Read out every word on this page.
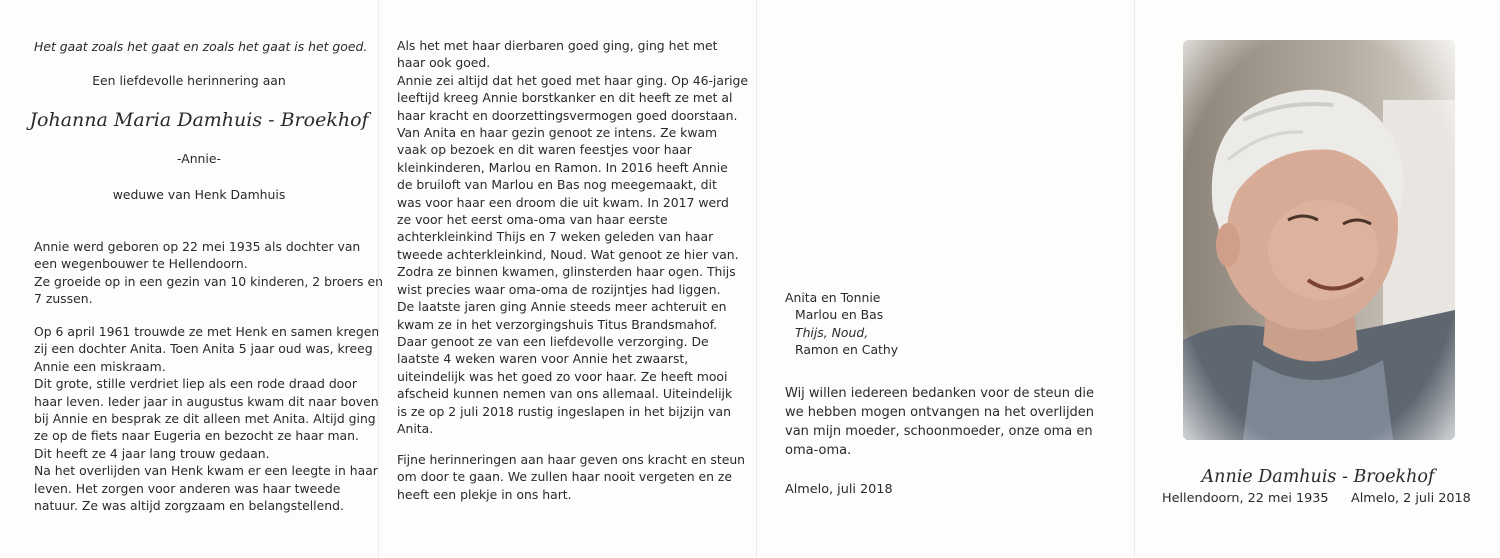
Het gaat zoals het gaat en zoals het gaat is het goed.
Een liefdevolle herinnering aan
Johanna Maria Damhuis - Broekhof
-Annie-
weduwe van Henk Damhuis
Annie werd geboren op 22 mei 1935 als dochter van
een wegenbouwer te Hellendoorn.
Ze groeide op in een gezin van 10 kinderen, 2 broers en
7 zussen.
Op 6 april 1961 trouwde ze met Henk en samen kregen
zij een dochter Anita. Toen Anita 5 jaar oud was, kreeg
Annie een miskraam.
Dit grote, stille verdriet liep als een rode draad door
haar leven. Ieder jaar in augustus kwam dit naar boven
bij Annie en besprak ze dit alleen met Anita. Altijd ging
ze op de fiets naar Eugeria en bezocht ze haar man.
Dit heeft ze 4 jaar lang trouw gedaan.
Na het overlijden van Henk kwam er een leegte in haar
leven. Het zorgen voor anderen was haar tweede
natuur. Ze was altijd zorgzaam en belangstellend.
Als het met haar dierbaren goed ging, ging het met
haar ook goed.
Annie zei altijd dat het goed met haar ging. Op 46-jarige
leeftijd kreeg Annie borstkanker en dit heeft ze met al
haar kracht en doorzettingsvermogen goed doorstaan.
Van Anita en haar gezin genoot ze intens. Ze kwam
vaak op bezoek en dit waren feestjes voor haar
kleinkinderen, Marlou en Ramon. In 2016 heeft Annie
de bruiloft van Marlou en Bas nog meegemaakt, dit
was voor haar een droom die uit kwam. In 2017 werd
ze voor het eerst oma-oma van haar eerste
achterkleinkind Thijs en 7 weken geleden van haar
tweede achterkleinkind, Noud. Wat genoot ze hier van.
Zodra ze binnen kwamen, glinsterden haar ogen. Thijs
wist precies waar oma-oma de rozijntjes had liggen.
De laatste jaren ging Annie steeds meer achteruit en
kwam ze in het verzorgingshuis Titus Brandsmahof.
Daar genoot ze van een liefdevolle verzorging. De
laatste 4 weken waren voor Annie het zwaarst,
uiteindelijk was het goed zo voor haar. Ze heeft mooi
afscheid kunnen nemen van ons allemaal. Uiteindelijk
is ze op 2 juli 2018 rustig ingeslapen in het bijzijn van
Anita.
Fijne herinneringen aan haar geven ons kracht en steun
om door te gaan. We zullen haar nooit vergeten en ze
heeft een plekje in ons hart.
Anita en Tonnie
Marlou en Bas
Thijs, Noud,
Ramon en Cathy
Wij willen iedereen bedanken voor de steun die
we hebben mogen ontvangen na het overlijden
van mijn moeder, schoonmoeder, onze oma en
oma-oma.
Almelo, juli 2018
Annie Damhuis - Broekhof
Hellendoorn, 22 mei 1935 Almelo, 2 juli 2018
